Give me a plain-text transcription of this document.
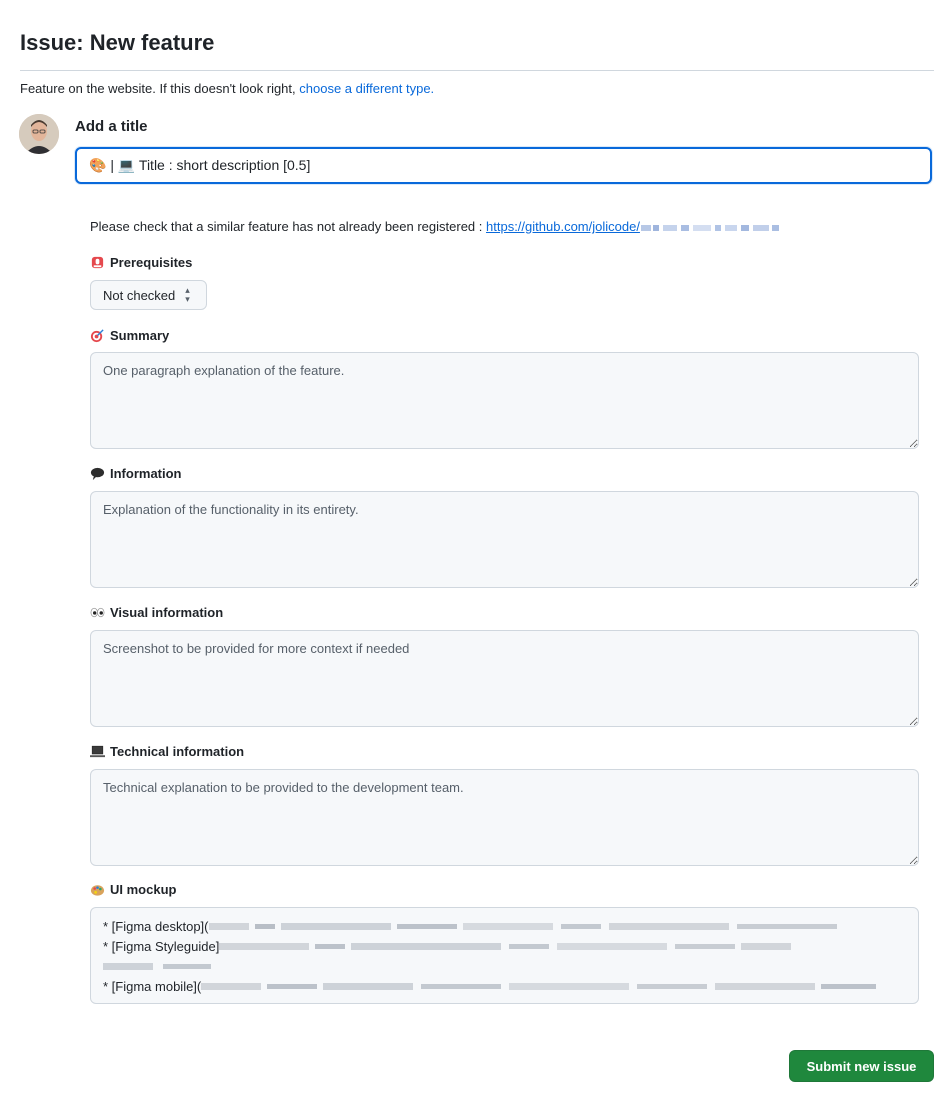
Issue: New feature
Feature on the website. If this doesn't look right, choose a different type.
Add a title
🎨 | 💻 Title : short description [0.5]
Please check that a similar feature has not already been registered : https://github.com/jolicode/
Prerequisites
Not checked ▴
▾
Summary
One paragraph explanation of the feature.
Information
Explanation of the functionality in its entirety.
Visual information
Screenshot to be provided for more context if needed
Technical information
Technical explanation to be provided to the development team.
UI mockup
* [Figma desktop](
* [Figma Styleguide]
* [Figma mobile](
Submit new issue
